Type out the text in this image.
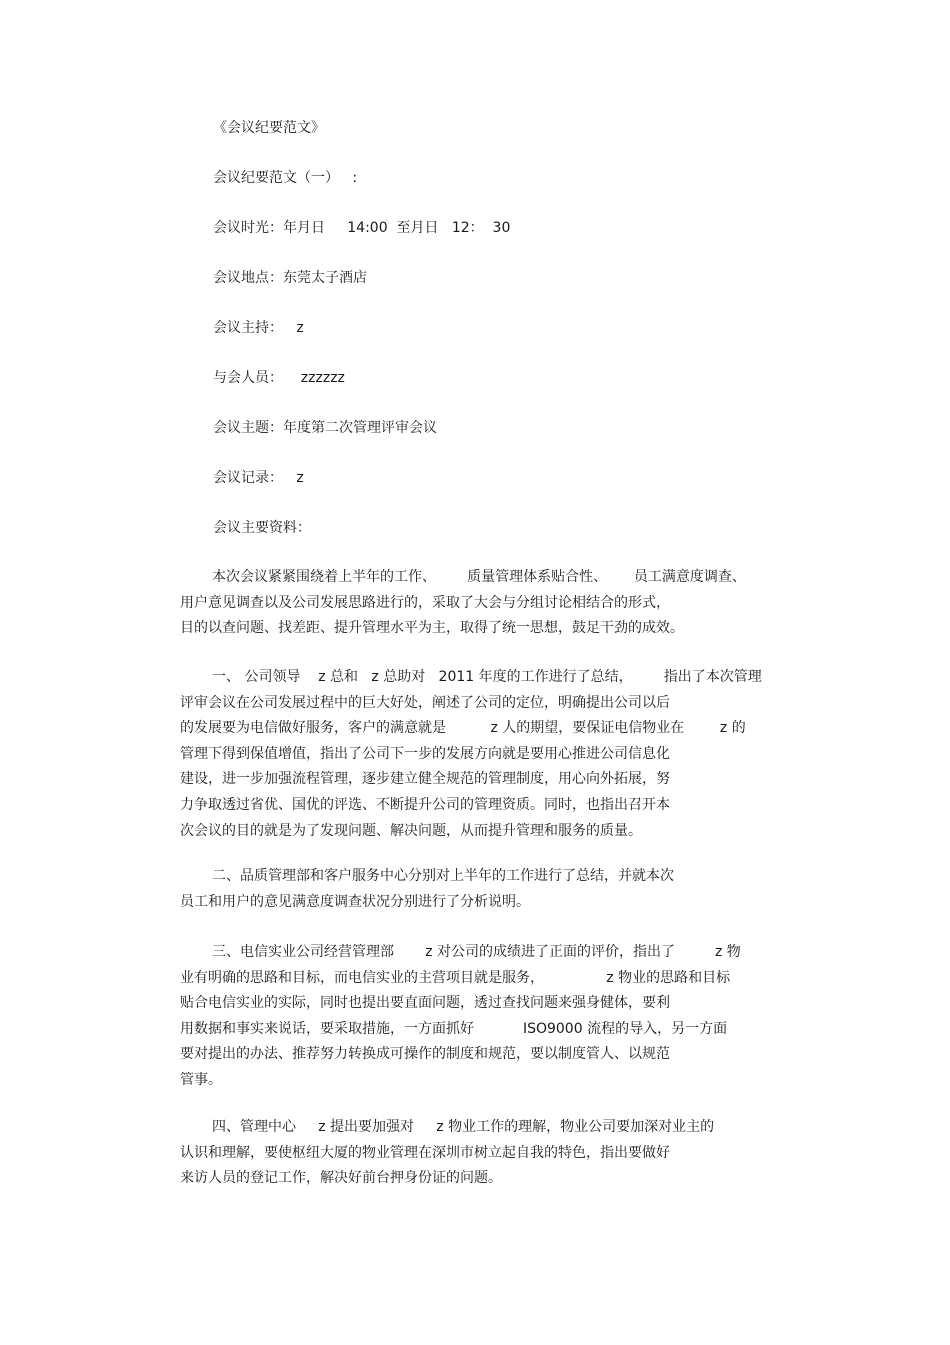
《会议纪要范文》
会议纪要范文（一）   :
会议时光：年月日     14:00  至月日   12：  30
会议地点：东莞太子酒店
会议主持：   z
与会人员：    zzzzzz
会议主题：年度第二次管理评审会议
会议记录：   z
会议主要资料：
本次会议紧紧围绕着上半年的工作、       质量管理体系贴合性、      员工满意度调查、
用户意见调查以及公司发展思路进行的，采取了大会与分组讨论相结合的形式，
目的以查问题、找差距、提升管理水平为主，取得了统一思想，鼓足干劲的成效。
一、 公司领导    z 总和   z 总助对   2011 年度的工作进行了总结，       指出了本次管理
评审会议在公司发展过程中的巨大好处，阐述了公司的定位，明确提出公司以后
的发展要为电信做好服务，客户的满意就是          z 人的期望，要保证电信物业在        z 的
管理下得到保值增值，指出了公司下一步的发展方向就是要用心推进公司信息化
建设，进一步加强流程管理，逐步建立健全规范的管理制度，用心向外拓展，努
力争取透过省优、国优的评选、不断提升公司的管理资质。同时，也指出召开本
次会议的目的就是为了发现问题、解决问题，从而提升管理和服务的质量。
二、品质管理部和客户服务中心分别对上半年的工作进行了总结，并就本次
员工和用户的意见满意度调查状况分别进行了分析说明。
三、电信实业公司经营管理部       z 对公司的成绩进了正面的评价，指出了         z 物
业有明确的思路和目标，而电信实业的主营项目就是服务，              z 物业的思路和目标
贴合电信实业的实际，同时也提出要直面问题，透过查找问题来强身健体，要利
用数据和事实来说话，要采取措施，一方面抓好           ISO9000 流程的导入，另一方面
要对提出的办法、推荐努力转换成可操作的制度和规范，要以制度管人、以规范
管事。
四、管理中心     z 提出要加强对     z 物业工作的理解，物业公司要加深对业主的
认识和理解，要使枢纽大厦的物业管理在深圳市树立起自我的特色，指出要做好
来访人员的登记工作，解决好前台押身份证的问题。
